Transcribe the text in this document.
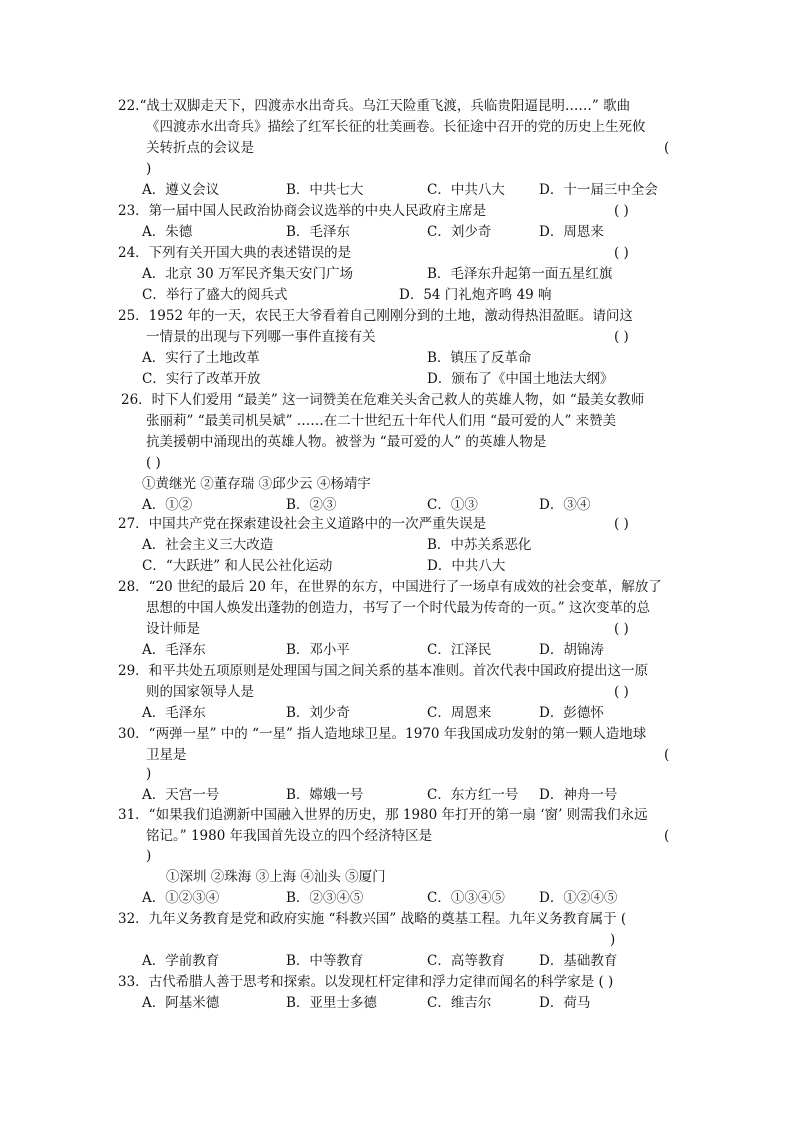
22.“战士双脚走天下，四渡赤水出奇兵。乌江天险重飞渡，兵临贵阳逼昆明……” 歌曲
《四渡赤水出奇兵》描绘了红军长征的壮美画卷。长征途中召开的党的历史上生死攸
关转折点的会议是	(
)
A．遵义会议	B．中共七大	C．中共八大	D．十一届三中全会
23．第一届中国人民政治协商会议选举的中央人民政府主席是	( )
A．朱德	B．毛泽东	C．刘少奇	D．周恩来
24．下列有关开国大典的表述错误的是	( )
A．北京 30 万军民齐集天安门广场	B．毛泽东升起第一面五星红旗
C．举行了盛大的阅兵式	D．54 门礼炮齐鸣 49 响
25．1952 年的一天，农民王大爷看着自己刚刚分到的土地，激动得热泪盈眶。请问这
一情景的出现与下列哪一事件直接有关	( )
A．实行了土地改革	B．镇压了反革命
C．实行了改革开放	D．颁布了《中国土地法大纲》
26．时下人们爱用 “最美” 这一词赞美在危难关头舍己救人的英雄人物，如 “最美女教师
张丽莉” “最美司机吴斌” ……在二十世纪五十年代人们用 “最可爱的人” 来赞美
抗美援朝中涌现出的英雄人物。被誉为 “最可爱的人” 的英雄人物是
( )
①黄继光 ②董存瑞 ③邱少云 ④杨靖宇
A．①②	B．②③	C．①③	D．③④
27．中国共产党在探索建设社会主义道路中的一次严重失误是	( )
A．社会主义三大改造	B．中苏关系恶化
C．“大跃进” 和人民公社化运动	D．中共八大
28．“20 世纪的最后 20 年，在世界的东方，中国进行了一场卓有成效的社会变革，解放了
思想的中国人焕发出蓬勃的创造力，书写了一个时代最为传奇的一页。” 这次变革的总
设计师是	( )
A．毛泽东	B．邓小平	C．江泽民	D．胡锦涛
29．和平共处五项原则是处理国与国之间关系的基本准则。首次代表中国政府提出这一原
则的国家领导人是	( )
A．毛泽东	B．刘少奇	C．周恩来	D．彭德怀
30．“两弹一星” 中的 “一星” 指人造地球卫星。1970 年我国成功发射的第一颗人造地球
卫星是	(
)
A．天宫一号	B．嫦娥一号	C．东方红一号 D．神舟一号
31．“如果我们追溯新中国融入世界的历史，那 1980 年打开的第一扇 ‘窗’ 则需我们永远
铭记。” 1980 年我国首先设立的四个经济特区是	(
)
①深圳 ②珠海 ③上海 ④汕头 ⑤厦门
A．①②③④	B．②③④⑤	C．①③④⑤	D．①②④⑤
32．九年义务教育是党和政府实施 “科教兴国” 战略的奠基工程。九年义务教育属于 (
)
A．学前教育	B．中等教育	C．高等教育	D．基础教育
33．古代希腊人善于思考和探索。以发现杠杆定律和浮力定律而闻名的科学家是 ( )
A．阿基米德	B．亚里士多德	C．维吉尔	D．荷马
